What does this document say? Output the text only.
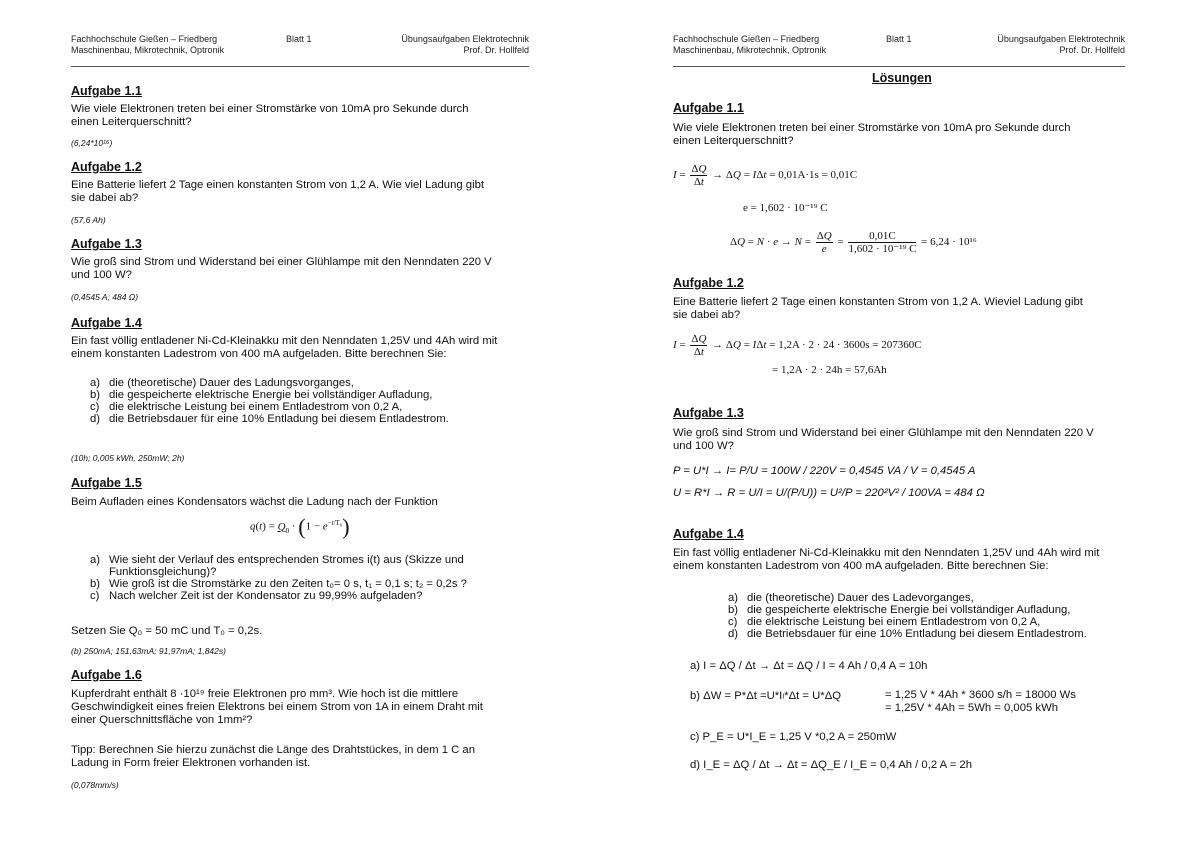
Fachhochschule Gießen – Friedberg
Maschinenbau, Mikrotechnik, Optronik
Blatt 1	Übungsaufgaben Elektrotechnik
Prof. Dr. Hollfeld
Aufgabe 1.1
Wie viele Elektronen treten bei einer Stromstärke von 10mA pro Sekunde durch
einen Leiterquerschnitt?
(6,24*10¹⁶)
Aufgabe 1.2
Eine Batterie liefert 2 Tage einen konstanten Strom von 1,2 A. Wie viel Ladung gibt
sie dabei ab?
(57,6 Ah)
Aufgabe 1.3
Wie groß sind Strom und Widerstand bei einer Glühlampe mit den Nenndaten 220 V
und 100 W?
(0,4545 A; 484 Ω)
Aufgabe 1.4
Ein fast völlig entladener Ni-Cd-Kleinakku mit den Nenndaten 1,25V und 4Ah wird mit
einem konstanten Ladestrom von 400 mA aufgeladen. Bitte berechnen Sie:
a) die (theoretische) Dauer des Ladungsvorganges,
b) die gespeicherte elektrische Energie bei vollständiger Aufladung,
c) die elektrische Leistung bei einem Entladestrom von 0,2 A,
d) die Betriebsdauer für eine 10% Entladung bei diesem Entladestrom.
(10h; 0,005 kWh, 250mW; 2h)
Aufgabe 1.5
Beim Aufladen eines Kondensators wächst die Ladung nach der Funktion
$q(t) = Q_0 \cdot (1 - e^{-t/T_0})$
a) Wie sieht der Verlauf des entsprechenden Stromes i(t) aus (Skizze und Funktionsgleichung)?
b) Wie groß ist die Stromstärke zu den Zeiten t₀= 0 s, t₁ = 0,1 s; t₂ = 0,2s ?
c) Nach welcher Zeit ist der Kondensator zu 99,99% aufgeladen?
Setzen Sie Q₀ = 50 mC und T₀ = 0,2s.
(b) 250mA; 151,63mA; 91,97mA; 1,842s)
Aufgabe 1.6
Kupferdraht enthält 8 ·10¹⁹ freie Elektronen pro mm³. Wie hoch ist die mittlere
Geschwindigkeit eines freien Elektrons bei einem Strom von 1A in einem Draht mit
einer Querschnittsfläche von 1mm²?
Tipp: Berechnen Sie hierzu zunächst die Länge des Drahtstückes, in dem 1 C an
Ladung in Form freier Elektronen vorhanden ist.
(0,078mm/s)
Fachhochschule Gießen – Friedberg
Maschinenbau, Mikrotechnik, Optronik
Blatt 1	Übungsaufgaben Elektrotechnik
Prof. Dr. Hollfeld
Lösungen
Aufgabe 1.1
Wie viele Elektronen treten bei einer Stromstärke von 10mA pro Sekunde durch
einen Leiterquerschnitt?
$I = \frac{\Delta Q}{\Delta t} \to \Delta Q = I\Delta t = 0,01A\cdot 1s = 0,01C$
e = 1,602 · 10⁻¹⁹ C
$\Delta Q = N \cdot e \to N = \frac{\Delta Q}{e} = \frac{0,01C}{\text{1,602 · 10⁻¹⁹ C}} = 6,24 \cdot 10^{16}$
Aufgabe 1.2
Eine Batterie liefert 2 Tage einen konstanten Strom von 1,2 A. Wieviel Ladung gibt
sie dabei ab?
$I = \frac{\Delta Q}{\Delta t} \to \Delta Q = I\Delta t = 1,2A \cdot 2 \cdot 24 \cdot 3600s = 207360C$
= 1,2A · 2 · 24h = 57,6Ah
Aufgabe 1.3
Wie groß sind Strom und Widerstand bei einer Glühlampe mit den Nenndaten 220 V
und 100 W?
P = U*I → I= P/U = 100W / 220V = 0,4545 VA / V = 0,4545 A
U = R*I → R = U/I = U/(P/U)) = U²/P = 220²V² / 100VA = 484 Ω
Aufgabe 1.4
Ein fast völlig entladener Ni-Cd-Kleinakku mit den Nenndaten 1,25V und 4Ah wird mit
einem konstanten Ladestrom von 400 mA aufgeladen. Bitte berechnen Sie:
a) die (theoretische) Dauer des Ladevorganges,
b) die gespeicherte elektrische Energie bei vollständiger Aufladung,
c) die elektrische Leistung bei einem Entladestrom von 0,2 A,
d) die Betriebsdauer für eine 10% Entladung bei diesem Entladestrom.
a) I = ΔQ / Δt → Δt = ΔQ / I = 4 Ah / 0,4 A = 10h
b) ΔW = P*Δt =U*Iₗ*Δt = U*ΔQ	= 1,25 V * 4Ah * 3600 s/h = 18000 Ws
= 1,25V * 4Ah = 5Wh = 0,005 kWh
c) P_E = U*I_E = 1,25 V *0,2 A = 250mW
d) I_E = ΔQ / Δt → Δt = ΔQ_E / I_E = 0,4 Ah / 0,2 A = 2h
